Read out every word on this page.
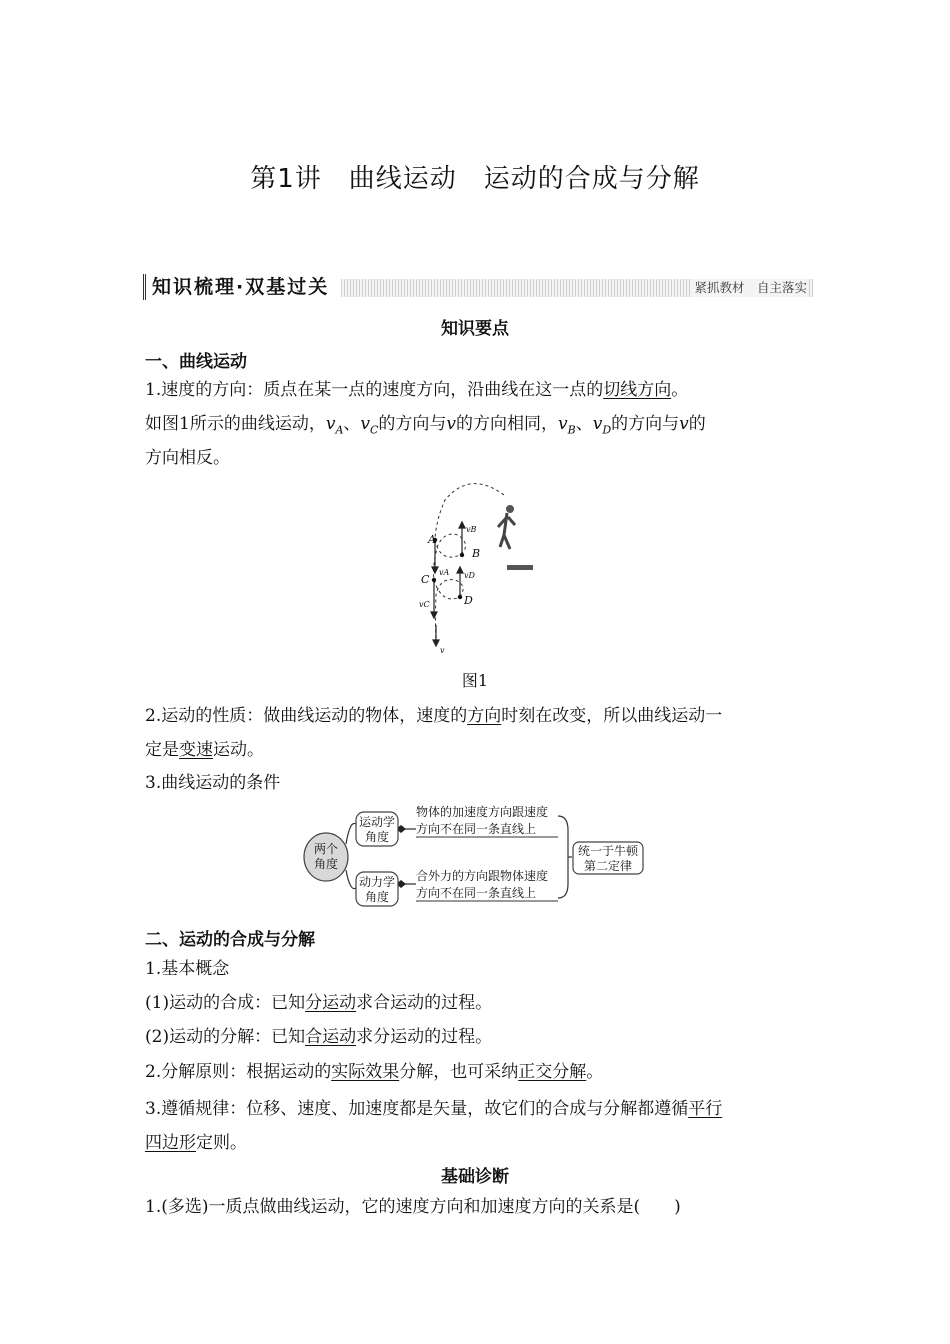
第1讲　曲线运动　运动的合成与分解
知识梳理·双基过关	紧抓教材　自主落实
知识要点
一、曲线运动
1.速度的方向：质点在某一点的速度方向，沿曲线在这一点的切线方向。
如图1所示的曲线运动，$v_A$、$v_C$的方向与v的方向相同，$v_B$、$v_D$的方向与v的
方向相反。
A
B
C
D
vB
vA vD
vC
v
图1
2.运动的性质：做曲线运动的物体，速度的方向时刻在改变，所以曲线运动一
定是变速运动。
3.曲线运动的条件
两个
角度
运动学
角度
动力学
角度
统一于牛顿
第二定律
物体的加速度方向跟速度
方向不在同一条直线上
合外力的方向跟物体速度
方向不在同一条直线上
二、运动的合成与分解
1.基本概念
(1)运动的合成：已知分运动求合运动的过程。
(2)运动的分解：已知合运动求分运动的过程。
2.分解原则：根据运动的实际效果分解，也可采纳正交分解。
3.遵循规律：位移、速度、加速度都是矢量，故它们的合成与分解都遵循平行
四边形定则。
基础诊断
1.(多选)一质点做曲线运动，它的速度方向和加速度方向的关系是(　　)
